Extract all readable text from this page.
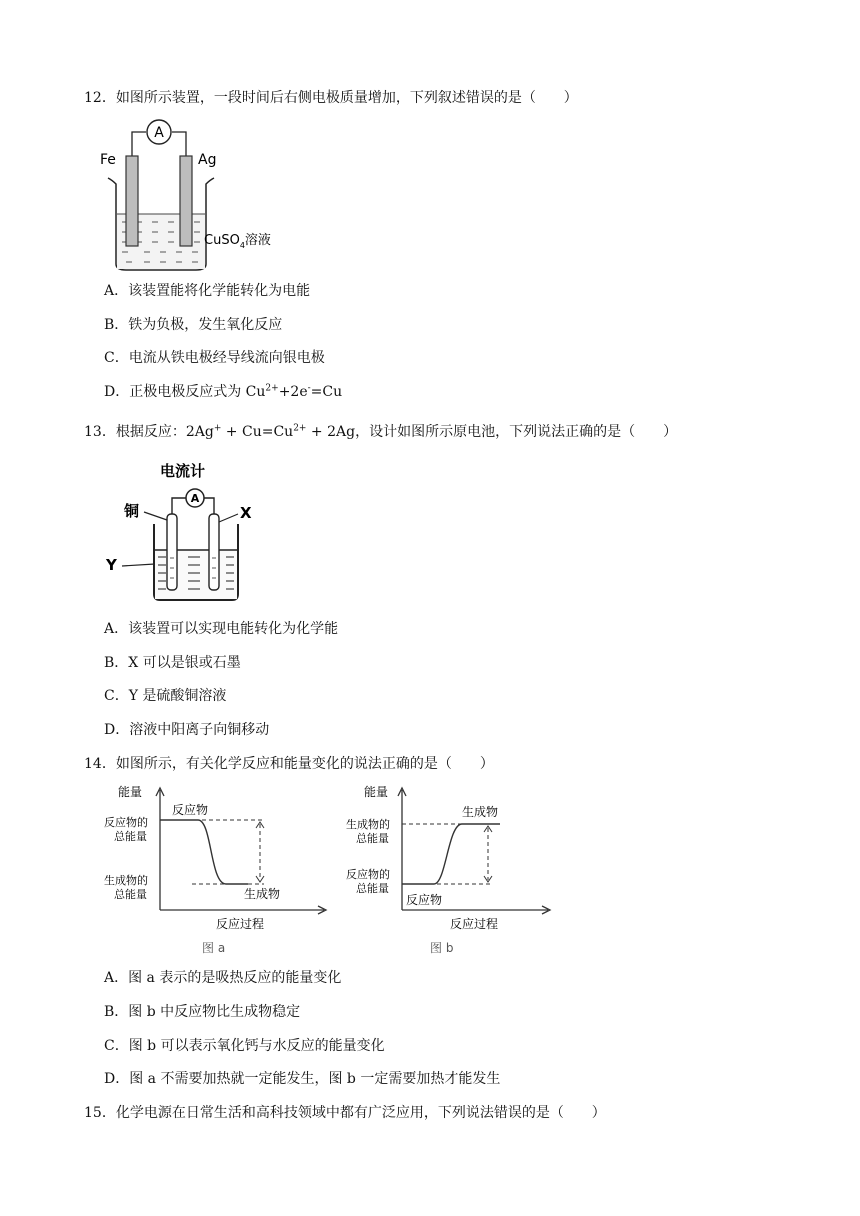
12．如图所示装置，一段时间后右侧电极质量增加，下列叙述错误的是（　　）
A
Fe	Ag
CuSO$_4$溶液
A．该装置能将化学能转化为电能
B．铁为负极，发生氧化反应
C．电流从铁电极经导线流向银电极
D．正极电极反应式为 $Cu^{2+}+2e^-=Cu$
13．根据反应：$2Ag^+ + Cu=Cu^{2+} + 2Ag$，设计如图所示原电池，下列说法正确的是（　　）
电流计
A
铜	X
Y
A．该装置可以实现电能转化为化学能
B．X 可以是银或石墨
C．Y 是硫酸铜溶液
D．溶液中阳离子向铜移动
14．如图所示，有关化学反应和能量变化的说法正确的是（　　）
能量
反应物
反应物的
总能量
生成物的
总能量	生成物
反应过程
图 a
能量
生成物
生成物的
总能量
反应物的
总能量
反应物
反应过程
图 b
A．图 a 表示的是吸热反应的能量变化
B．图 b 中反应物比生成物稳定
C．图 b 可以表示氧化钙与水反应的能量变化
D．图 a 不需要加热就一定能发生，图 b 一定需要加热才能发生
15．化学电源在日常生活和高科技领域中都有广泛应用，下列说法错误的是（　　）
